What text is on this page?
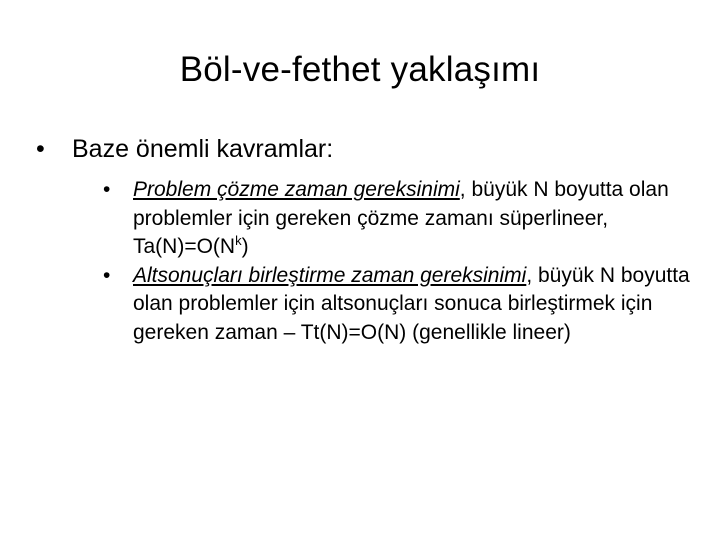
Böl-ve-fethet yaklaşımı
• Baze önemli kavramlar:
• Problem çözme zaman gereksinimi, büyük N boyutta olan problemler için gereken çözme zamanı süperlineer, $Ta(N)=O(N^k)$
• Altsonuçları birleştirme zaman gereksinimi, büyük N boyutta olan problemler için altsonuçları sonuca birleştirmek için gereken zaman – Tt(N)=O(N) (genellikle lineer)
